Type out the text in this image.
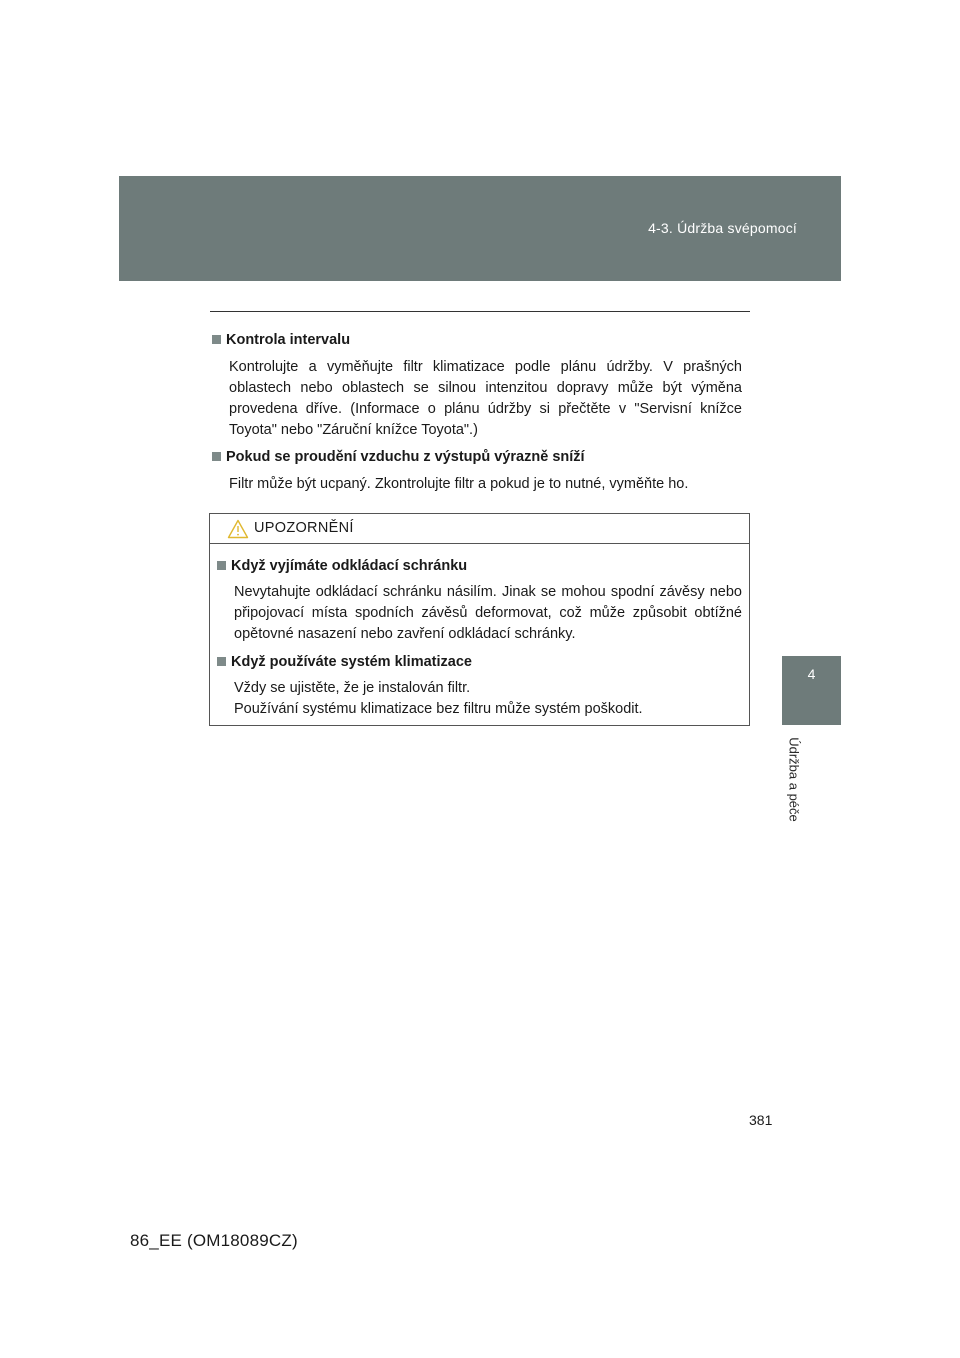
4-3. Údržba svépomocí
4
Údržba a péče
Kontrola intervalu
Kontrolujte a vyměňujte filtr klimatizace podle plánu údržby. V prašných oblastech nebo oblastech se silnou intenzitou dopravy může být výměna provedena dříve. (Informace o plánu údržby si přečtěte v "Servisní knížce Toyota" nebo "Záruční knížce Toyota".)
Pokud se proudění vzduchu z výstupů výrazně sníží
Filtr může být ucpaný. Zkontrolujte filtr a pokud je to nutné, vyměňte ho.
UPOZORNĚNÍ
Když vyjímáte odkládací schránku
Nevytahujte odkládací schránku násilím. Jinak se mohou spodní závěsy nebo připojovací místa spodních závěsů deformovat, což může způsobit obtížné opětovné nasazení nebo zavření odkládací schránky.
Když používáte systém klimatizace
Vždy se ujistěte, že je instalován filtr.
Používání systému klimatizace bez filtru může systém poškodit.
381
86_EE (OM18089CZ)
